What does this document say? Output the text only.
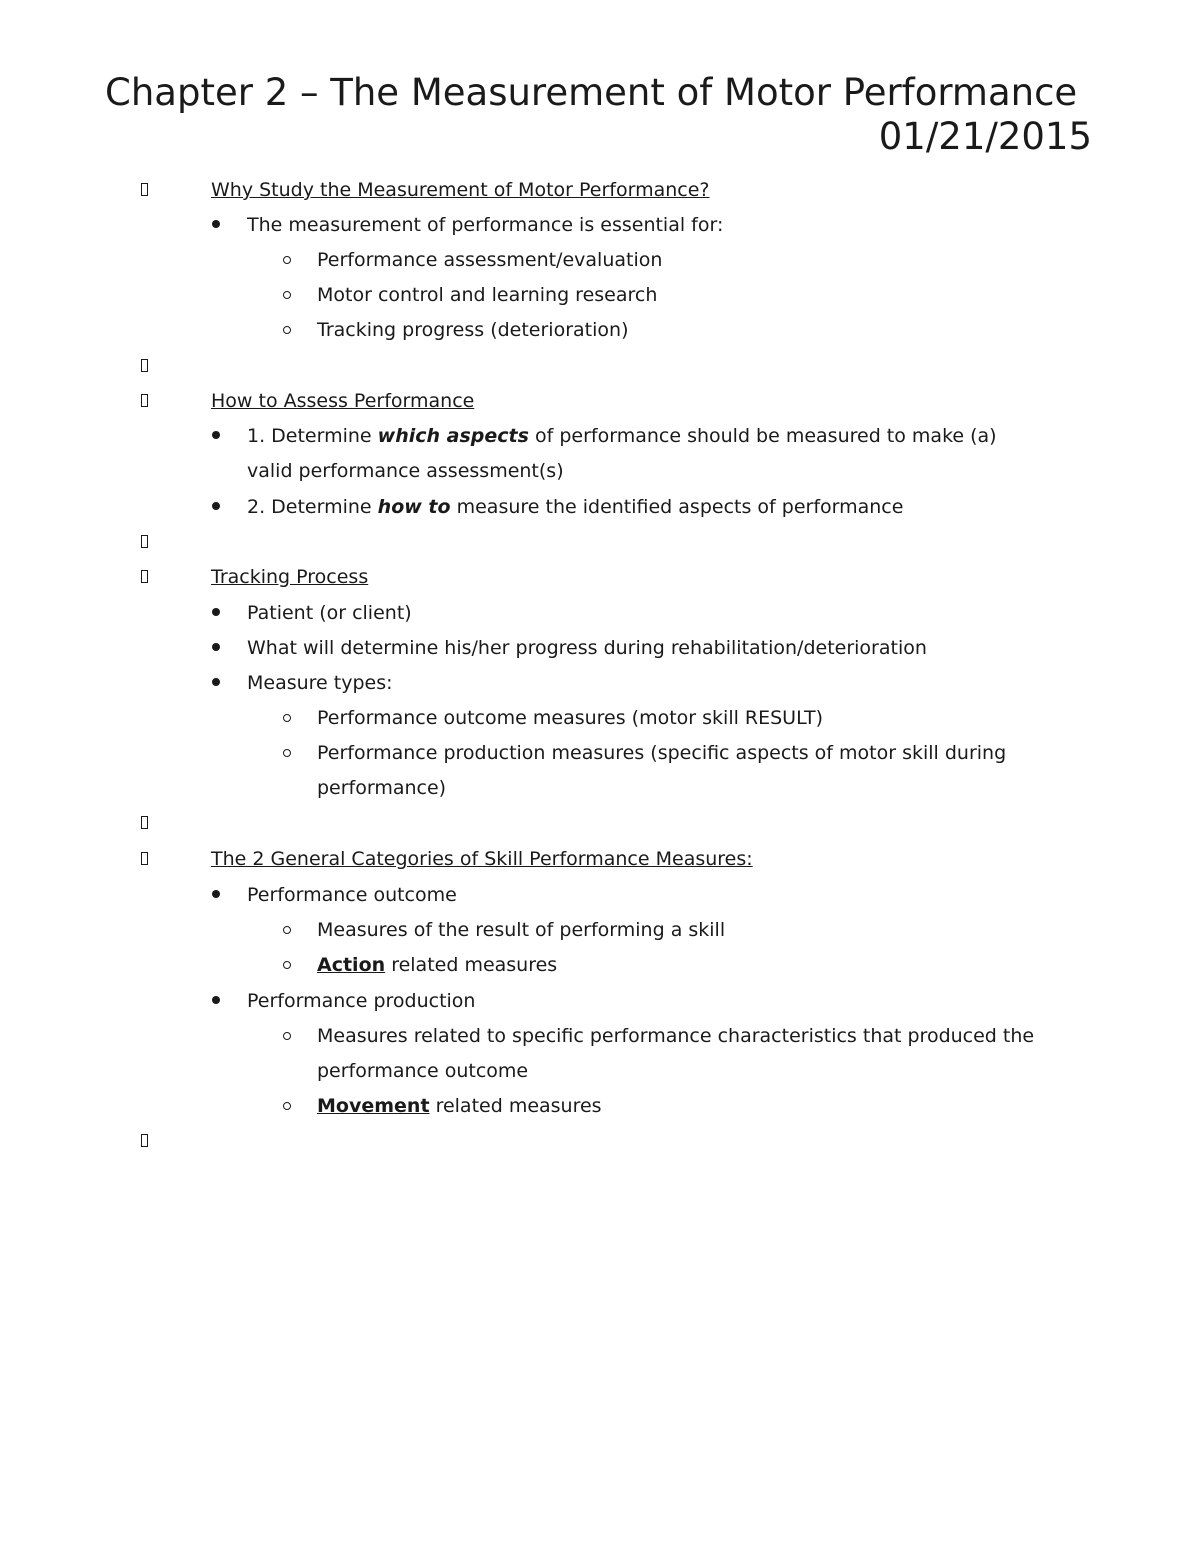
Chapter 2 – The Measurement of Motor Performance
01/21/2015
Why Study the Measurement of Motor Performance?
The measurement of performance is essential for:
Performance assessment/evaluation
Motor control and learning research
Tracking progress (deterioration)
How to Assess Performance
1. Determine which aspects of performance should be measured to make (a)
valid performance assessment(s)
2. Determine how to measure the identified aspects of performance
Tracking Process
Patient (or client)
What will determine his/her progress during rehabilitation/deterioration
Measure types:
Performance outcome measures (motor skill RESULT)
Performance production measures (specific aspects of motor skill during
performance)
The 2 General Categories of Skill Performance Measures:
Performance outcome
Measures of the result of performing a skill
Action related measures
Performance production
Measures related to specific performance characteristics that produced the
performance outcome
Movement related measures
